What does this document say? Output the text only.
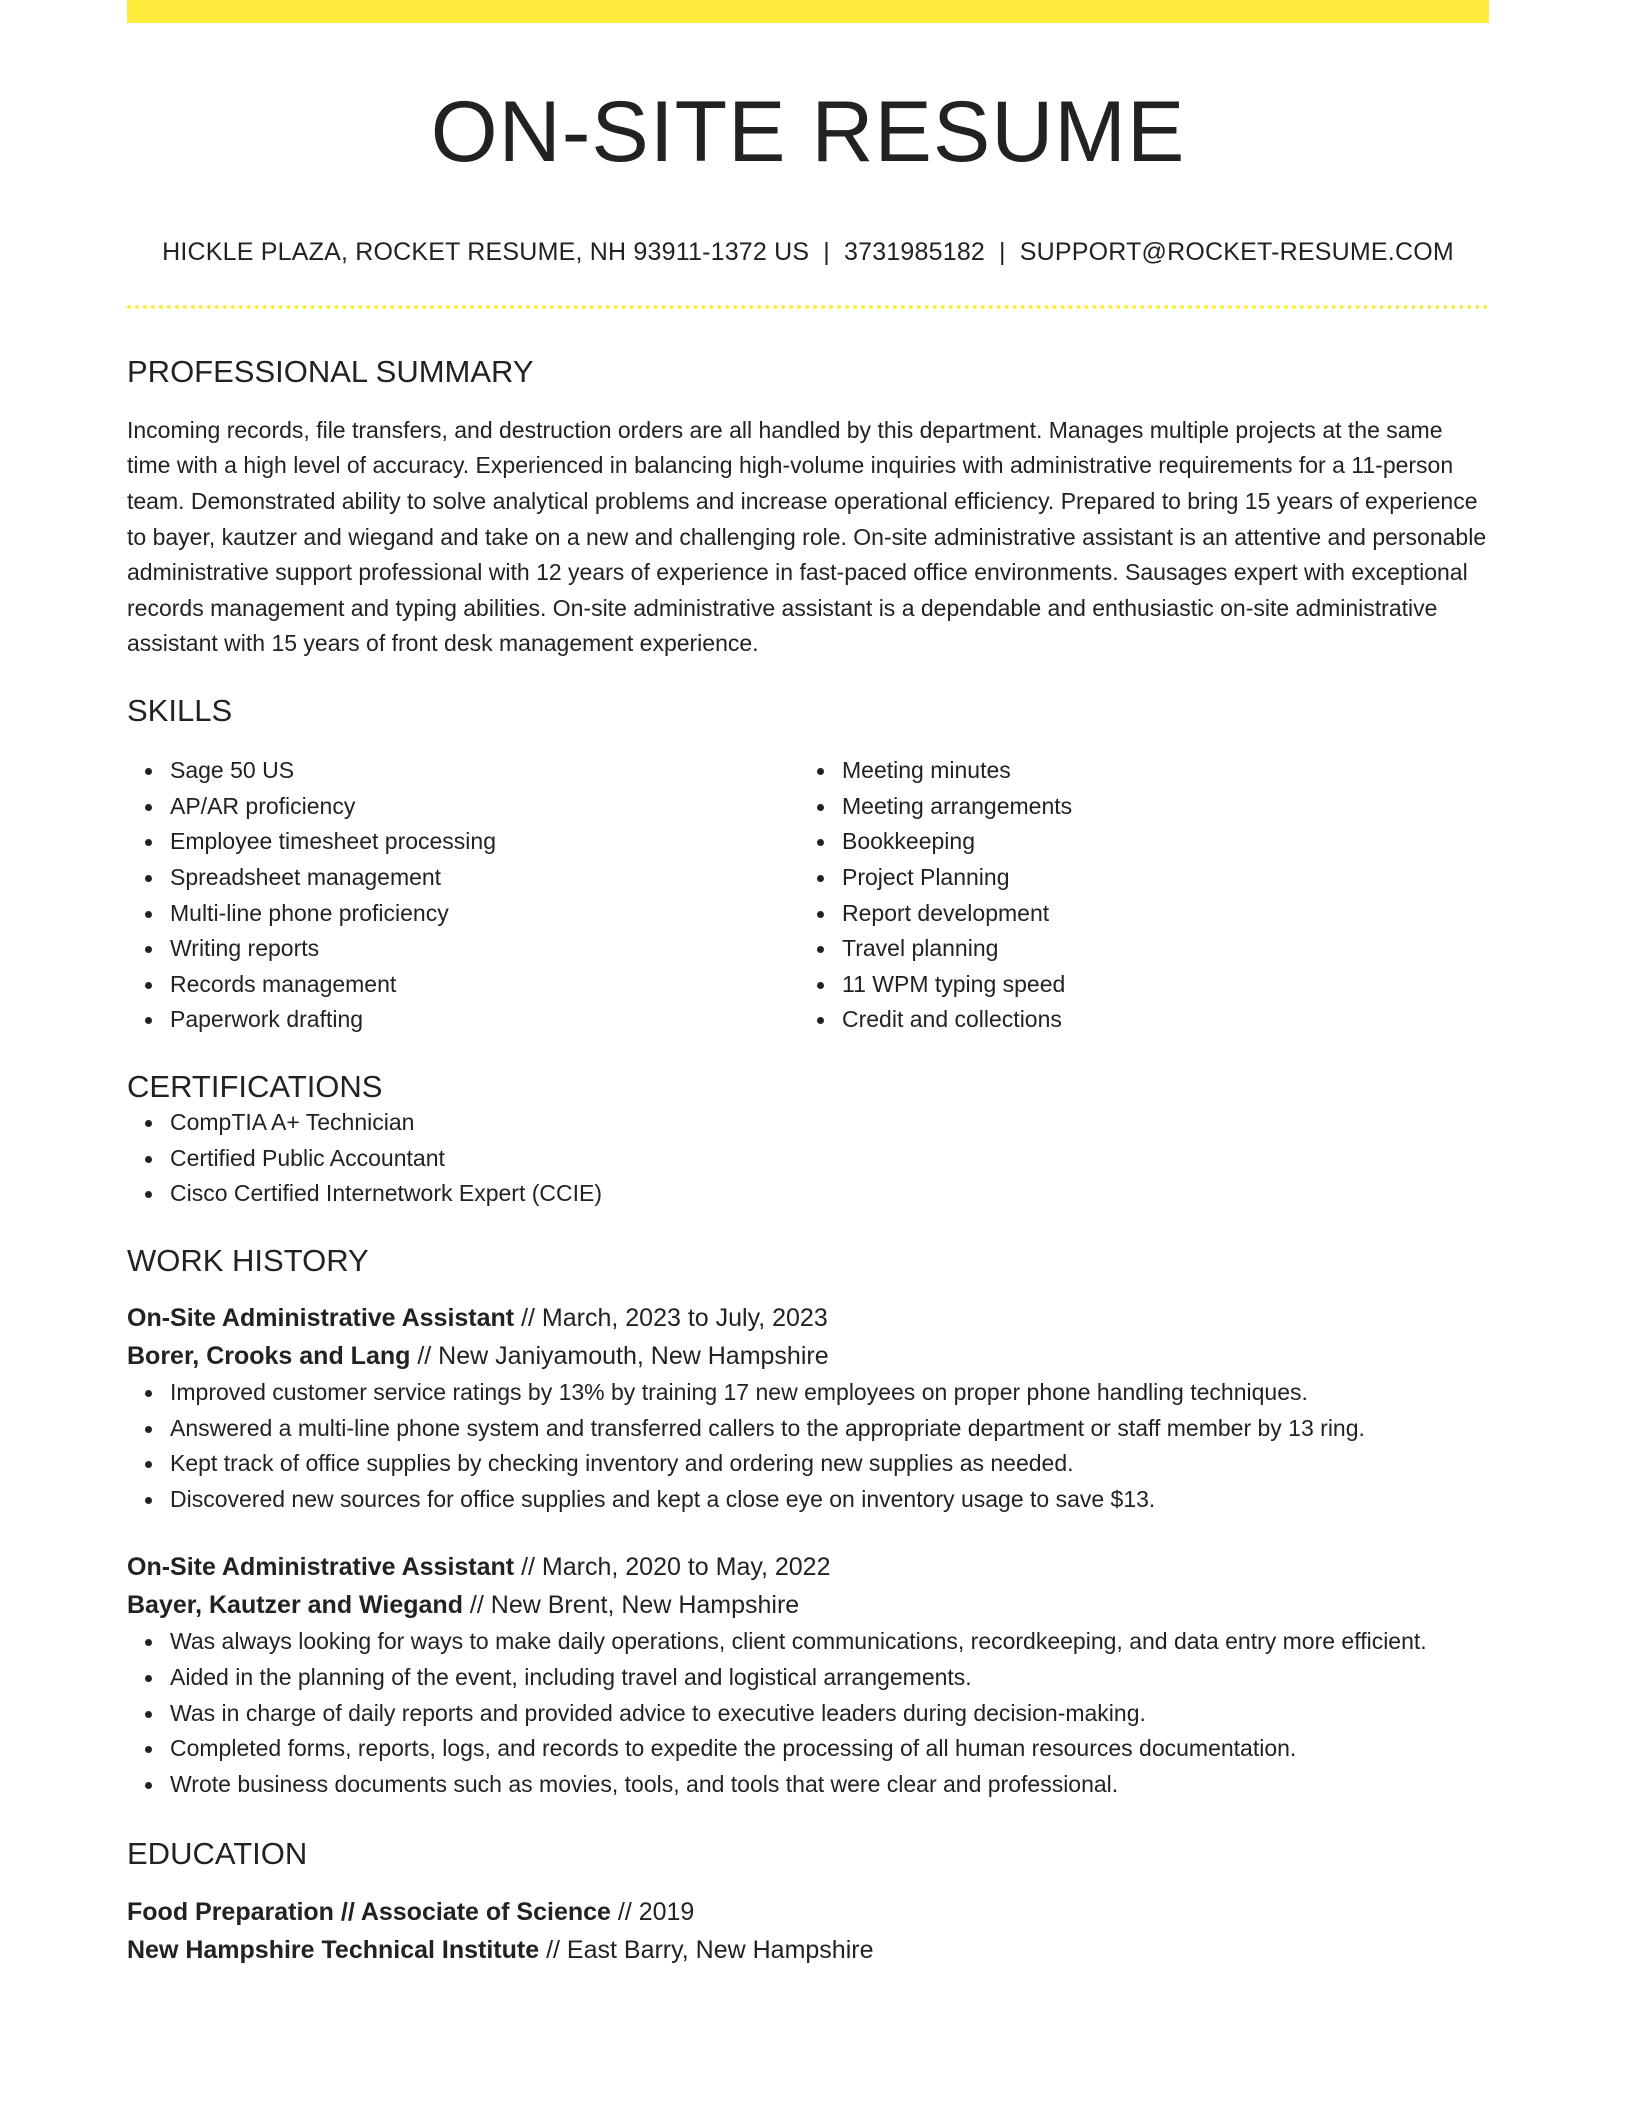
ON-SITE RESUME
HICKLE PLAZA, ROCKET RESUME, NH 93911-1372 US | 3731985182 | SUPPORT@ROCKET-RESUME.COM
PROFESSIONAL SUMMARY

Incoming records, file transfers, and destruction orders are all handled by this department. Manages multiple projects at the same time with a high level of accuracy. Experienced in balancing high-volume inquiries with administrative requirements for a 11-person team. Demonstrated ability to solve analytical problems and increase operational efficiency. Prepared to bring 15 years of experience to bayer, kautzer and wiegand and take on a new and challenging role. On-site administrative assistant is an attentive and personable administrative support professional with 12 years of experience in fast-paced office environments. Sausages expert with exceptional records management and typing abilities. On-site administrative assistant is a dependable and enthusiastic on-site administrative assistant with 15 years of front desk management experience.

SKILLS
Sage 50 US
AP/AR proficiency
Employee timesheet processing
Spreadsheet management
Multi-line phone proficiency
Writing reports
Records management
Paperwork drafting
Meeting minutes
Meeting arrangements
Bookkeeping
Project Planning
Report development
Travel planning
11 WPM typing speed
Credit and collections
CERTIFICATIONS
CompTIA A+ Technician
Certified Public Accountant
Cisco Certified Internetwork Expert (CCIE)
WORK HISTORY
On-Site Administrative Assistant // March, 2023 to July, 2023
Borer, Crooks and Lang // New Janiyamouth, New Hampshire
Improved customer service ratings by 13% by training 17 new employees on proper phone handling techniques.
Answered a multi-line phone system and transferred callers to the appropriate department or staff member by 13 ring.
Kept track of office supplies by checking inventory and ordering new supplies as needed.
Discovered new sources for office supplies and kept a close eye on inventory usage to save $13.
On-Site Administrative Assistant // March, 2020 to May, 2022
Bayer, Kautzer and Wiegand // New Brent, New Hampshire
Was always looking for ways to make daily operations, client communications, recordkeeping, and data entry more efficient.
Aided in the planning of the event, including travel and logistical arrangements.
Was in charge of daily reports and provided advice to executive leaders during decision-making.
Completed forms, reports, logs, and records to expedite the processing of all human resources documentation.
Wrote business documents such as movies, tools, and tools that were clear and professional.
EDUCATION
Food Preparation // Associate of Science // 2019
New Hampshire Technical Institute // East Barry, New Hampshire
